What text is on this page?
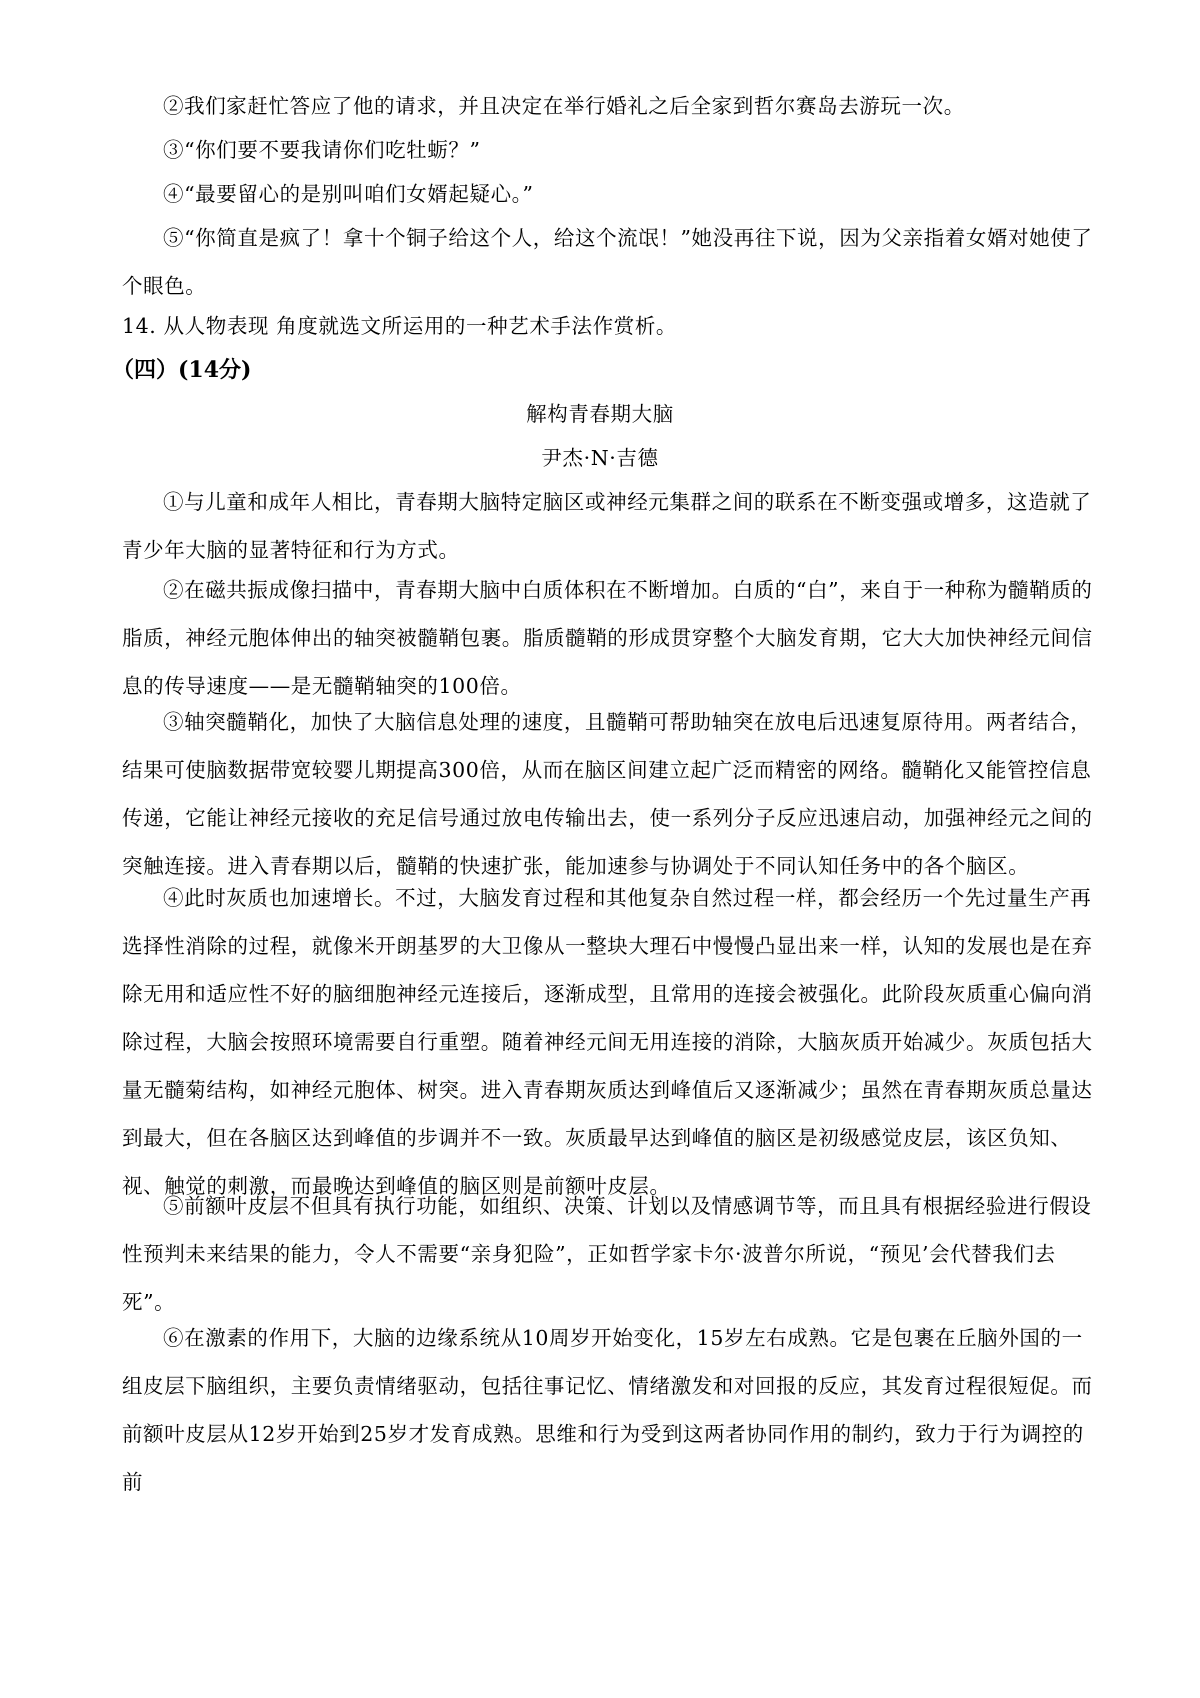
②我们家赶忙答应了他的请求，并且决定在举行婚礼之后全家到哲尔赛岛去游玩一次。

③“你们要不要我请你们吃牡蛎？”

④“最要留心的是别叫咱们女婿起疑心。”

⑤“你简直是疯了！拿十个铜子给这个人，给这个流氓！”她没再往下说，因为父亲指着女婿对她使了个眼色。

14. 从人物表现 角度就选文所运用的一种艺术手法作赏析。

（四）(14分)

解构青春期大脑

尹杰·N·吉德

①与儿童和成年人相比，青春期大脑特定脑区或神经元集群之间的联系在不断变强或增多，这造就了青少年大脑的显著特征和行为方式。

②在磁共振成像扫描中，青春期大脑中白质体积在不断增加。白质的“白”，来自于一种称为髓鞘质的脂质，神经元胞体伸出的轴突被髓鞘包裹。脂质髓鞘的形成贯穿整个大脑发育期，它大大加快神经元间信息的传导速度——是无髓鞘轴突的100倍。

③轴突髓鞘化，加快了大脑信息处理的速度，且髓鞘可帮助轴突在放电后迅速复原待用。两者结合，结果可使脑数据带宽较婴儿期提高300倍，从而在脑区间建立起广泛而精密的网络。髓鞘化又能管控信息传递，它能让神经元接收的充足信号通过放电传输出去，使一系列分子反应迅速启动，加强神经元之间的突触连接。进入青春期以后，髓鞘的快速扩张，能加速参与协调处于不同认知任务中的各个脑区。

④此时灰质也加速增长。不过，大脑发育过程和其他复杂自然过程一样，都会经历一个先过量生产再选择性消除的过程，就像米开朗基罗的大卫像从一整块大理石中慢慢凸显出来一样，认知的发展也是在弃除无用和适应性不好的脑细胞神经元连接后，逐渐成型，且常用的连接会被强化。此阶段灰质重心偏向消除过程，大脑会按照环境需要自行重塑。随着神经元间无用连接的消除，大脑灰质开始减少。灰质包括大量无髓菊结构，如神经元胞体、树突。进入青春期灰质达到峰值后又逐渐减少；虽然在青春期灰质总量达到最大，但在各脑区达到峰值的步调并不一致。灰质最早达到峰值的脑区是初级感觉皮层，该区负知、视、触觉的刺激，而最晚达到峰值的脑区则是前额叶皮层。

⑤前额叶皮层不但具有执行功能，如组织、决策、计划以及情感调节等，而且具有根据经验进行假设性预判未来结果的能力，令人不需要“亲身犯险”，正如哲学家卡尔·波普尔所说，“预见’会代替我们去死”。

⑥在激素的作用下，大脑的边缘系统从10周岁开始变化，15岁左右成熟。它是包裹在丘脑外国的一组皮层下脑组织，主要负责情绪驱动，包括往事记忆、情绪激发和对回报的反应，其发育过程很短促。而前额叶皮层从12岁开始到25岁才发育成熟。思维和行为受到这两者协同作用的制约，致力于行为调控的前
